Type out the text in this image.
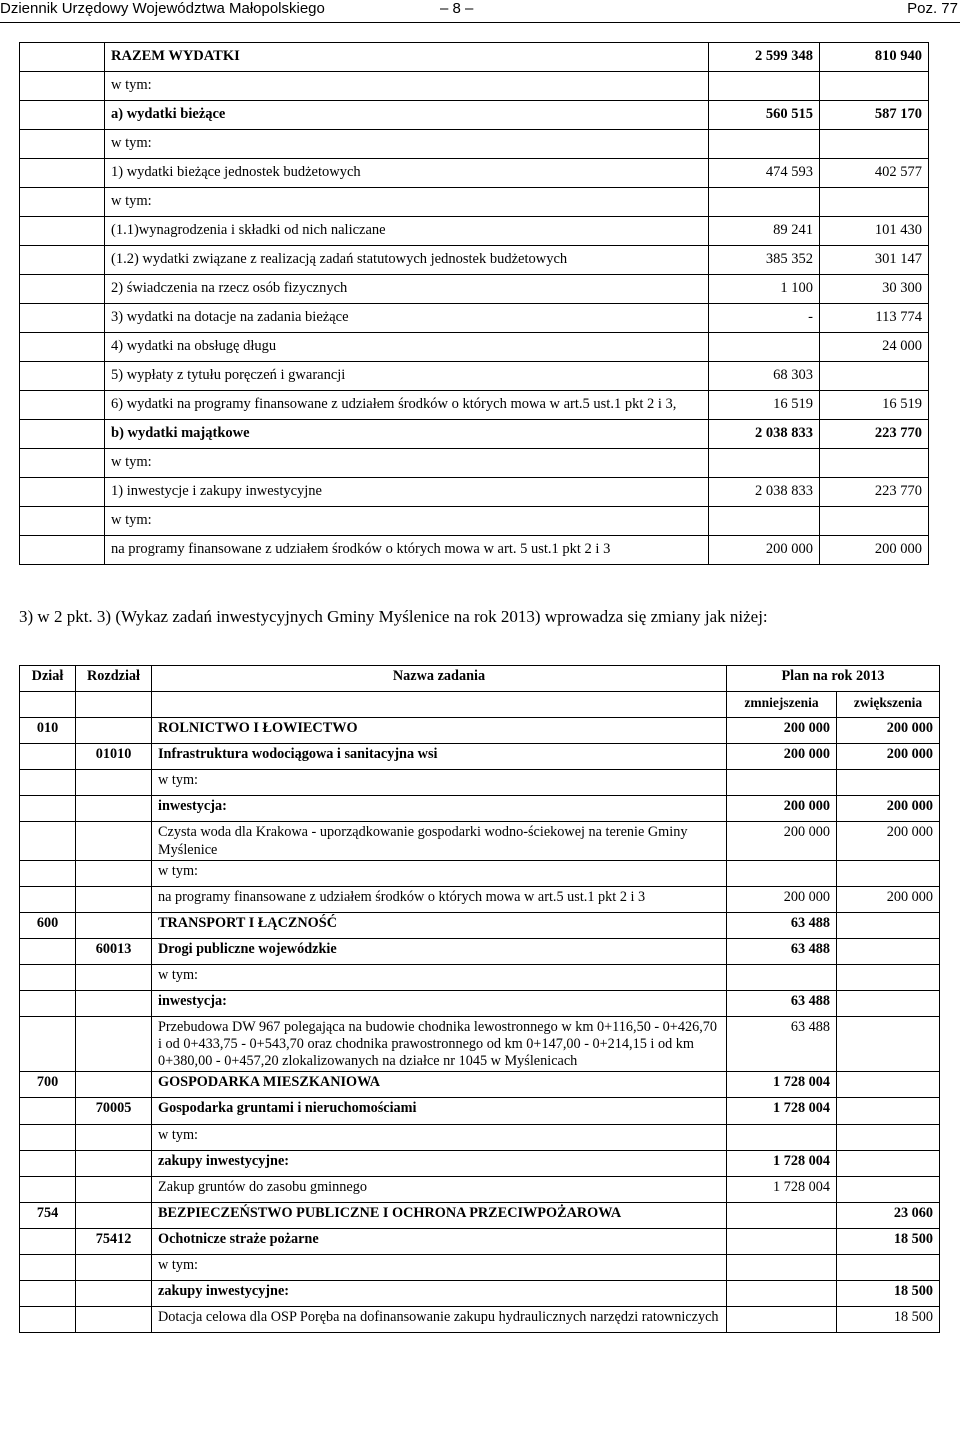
Dziennik Urzędowy Województwa Małopolskiego	– 8 –	Poz. 77
	RAZEM WYDATKI	2 599 348	810 940
	w tym:		
	a) wydatki bieżące	560 515	587 170
	w tym:		
	1) wydatki bieżące jednostek budżetowych	474 593	402 577
	w tym:		
	(1.1)wynagrodzenia i składki od nich naliczane	89 241	101 430
	(1.2) wydatki związane z realizacją zadań statutowych jednostek budżetowych	385 352	301 147
	2) świadczenia na rzecz osób fizycznych	1 100	30 300
	3) wydatki na dotacje na zadania bieżące	-	113 774
	4) wydatki na obsługę długu		24 000
	5) wypłaty z tytułu poręczeń i gwarancji	68 303	
	6) wydatki na programy finansowane z udziałem środków o których mowa w art.5 ust.1 pkt 2 i 3,	16 519	16 519
	b) wydatki majątkowe	2 038 833	223 770
	w tym:		
	1) inwestycje i zakupy inwestycyjne	2 038 833	223 770
	w tym:		
	na programy finansowane z udziałem środków o których mowa w art. 5 ust.1 pkt 2 i 3	200 000	200 000
3) w 2 pkt. 3) (Wykaz zadań inwestycyjnych Gminy Myślenice na rok 2013) wprowadza się zmiany jak niżej:
Dział	Rozdział	Nazwa zadania	Plan na rok 2013	
			zmniejszenia	zwiększenia
010		ROLNICTWO I ŁOWIECTWO	200 000	200 000
	01010	Infrastruktura wodociągowa i sanitacyjna wsi	200 000	200 000
		w tym:		
		inwestycja:	200 000	200 000
		Czysta woda dla Krakowa - uporządkowanie gospodarki wodno-ściekowej na terenie Gminy Myślenice	200 000	200 000
		w tym:		
		na programy finansowane z udziałem środków o których mowa w art.5 ust.1 pkt 2 i 3	200 000	200 000
600		TRANSPORT I ŁĄCZNOŚĆ	63 488	
	60013	Drogi publiczne wojewódzkie	63 488	
		w tym:		
		inwestycja:	63 488	
		Przebudowa DW 967 polegająca na budowie chodnika lewostronnego w km 0+116,50 - 0+426,70 i od 0+433,75 - 0+543,70 oraz chodnika prawostronnego od km 0+147,00 - 0+214,15 i od km 0+380,00 - 0+457,20 zlokalizowanych na działce nr 1045 w Myślenicach	63 488	
700		GOSPODARKA MIESZKANIOWA	1 728 004	
	70005	Gospodarka gruntami i nieruchomościami	1 728 004	
		w tym:		
		zakupy inwestycyjne:	1 728 004	
		Zakup gruntów do zasobu gminnego	1 728 004	
754		BEZPIECZEŃSTWO PUBLICZNE I OCHRONA PRZECIWPOŻAROWA		23 060
	75412	Ochotnicze straże pożarne		18 500
		w tym:		
		zakupy inwestycyjne:		18 500
		Dotacja celowa dla OSP Poręba na dofinansowanie zakupu hydraulicznych narzędzi ratowniczych		18 500
